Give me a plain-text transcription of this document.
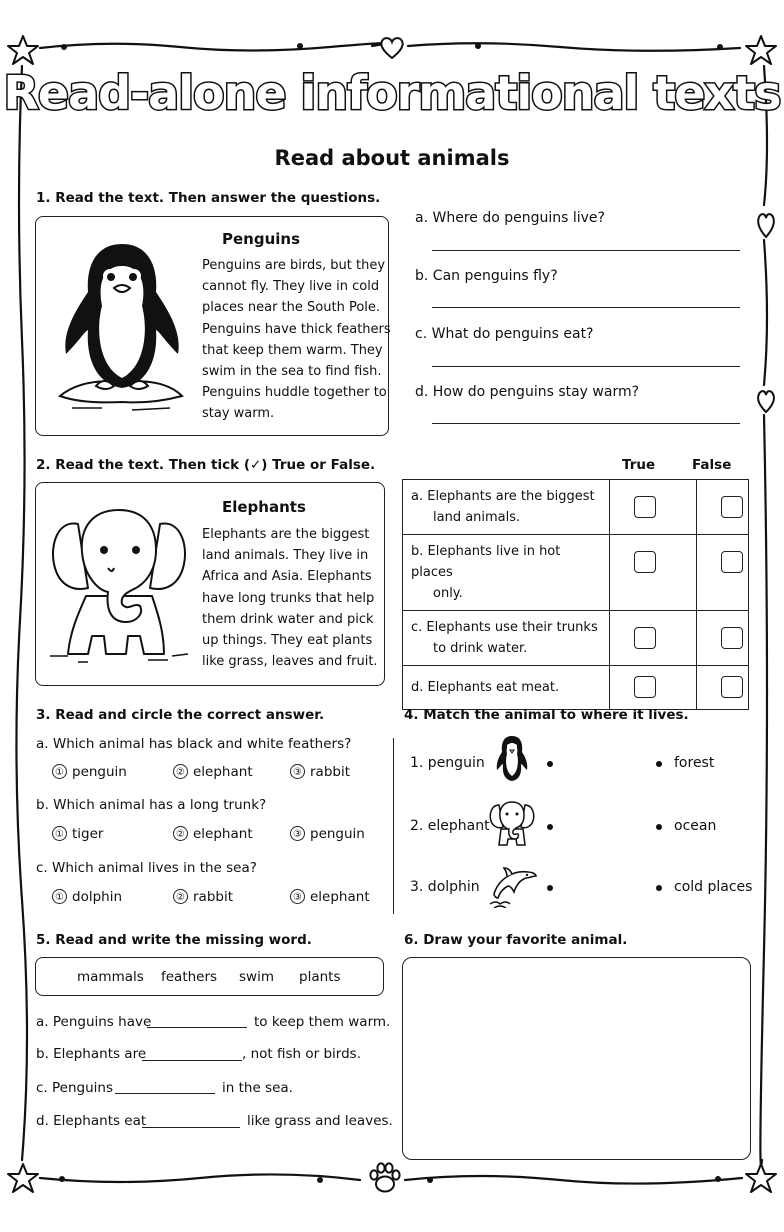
Read-alone informational texts
Read about animals
1. Read the text. Then answer the questions.
Penguins
Penguins are birds, but they
cannot fly. They live in cold
places near the South Pole.
Penguins have thick feathers
that keep them warm. They
swim in the sea to find fish.
Penguins huddle together to
stay warm.
a. Where do penguins live?
b. Can penguins fly?
c. What do penguins eat?
d. How do penguins stay warm?
2. Read the text. Then tick (✓) True or False.	True	False
Elephants
Elephants are the biggest
land animals. They live in
Africa and Asia. Elephants
have long trunks that help
them drink water and pick
up things. They eat plants
like grass, leaves and fruit.
a. Elephants are the biggest
land animals.		

b. Elephants live in hot places
only.		

c. Elephants use their trunks
to drink water.		

d. Elephants eat meat.		

3. Read and circle the correct answer.
a. Which animal has black and white feathers?
① penguin	② elephant	③ rabbit
b. Which animal has a long trunk?
① tiger	② elephant	③ penguin
c. Which animal lives in the sea?
① dolphin	② rabbit	③ elephant
4. Match the animal to where it lives.
1. penguin	forest
2. elephant	ocean
3. dolphin	cold places
5. Read and write the missing word.
mammals feathers swim plants
a. Penguins have	to keep them warm.
b. Elephants are	, not fish or birds.
c. Penguins	in the sea.
d. Elephants eat	like grass and leaves.
6. Draw your favorite animal.
